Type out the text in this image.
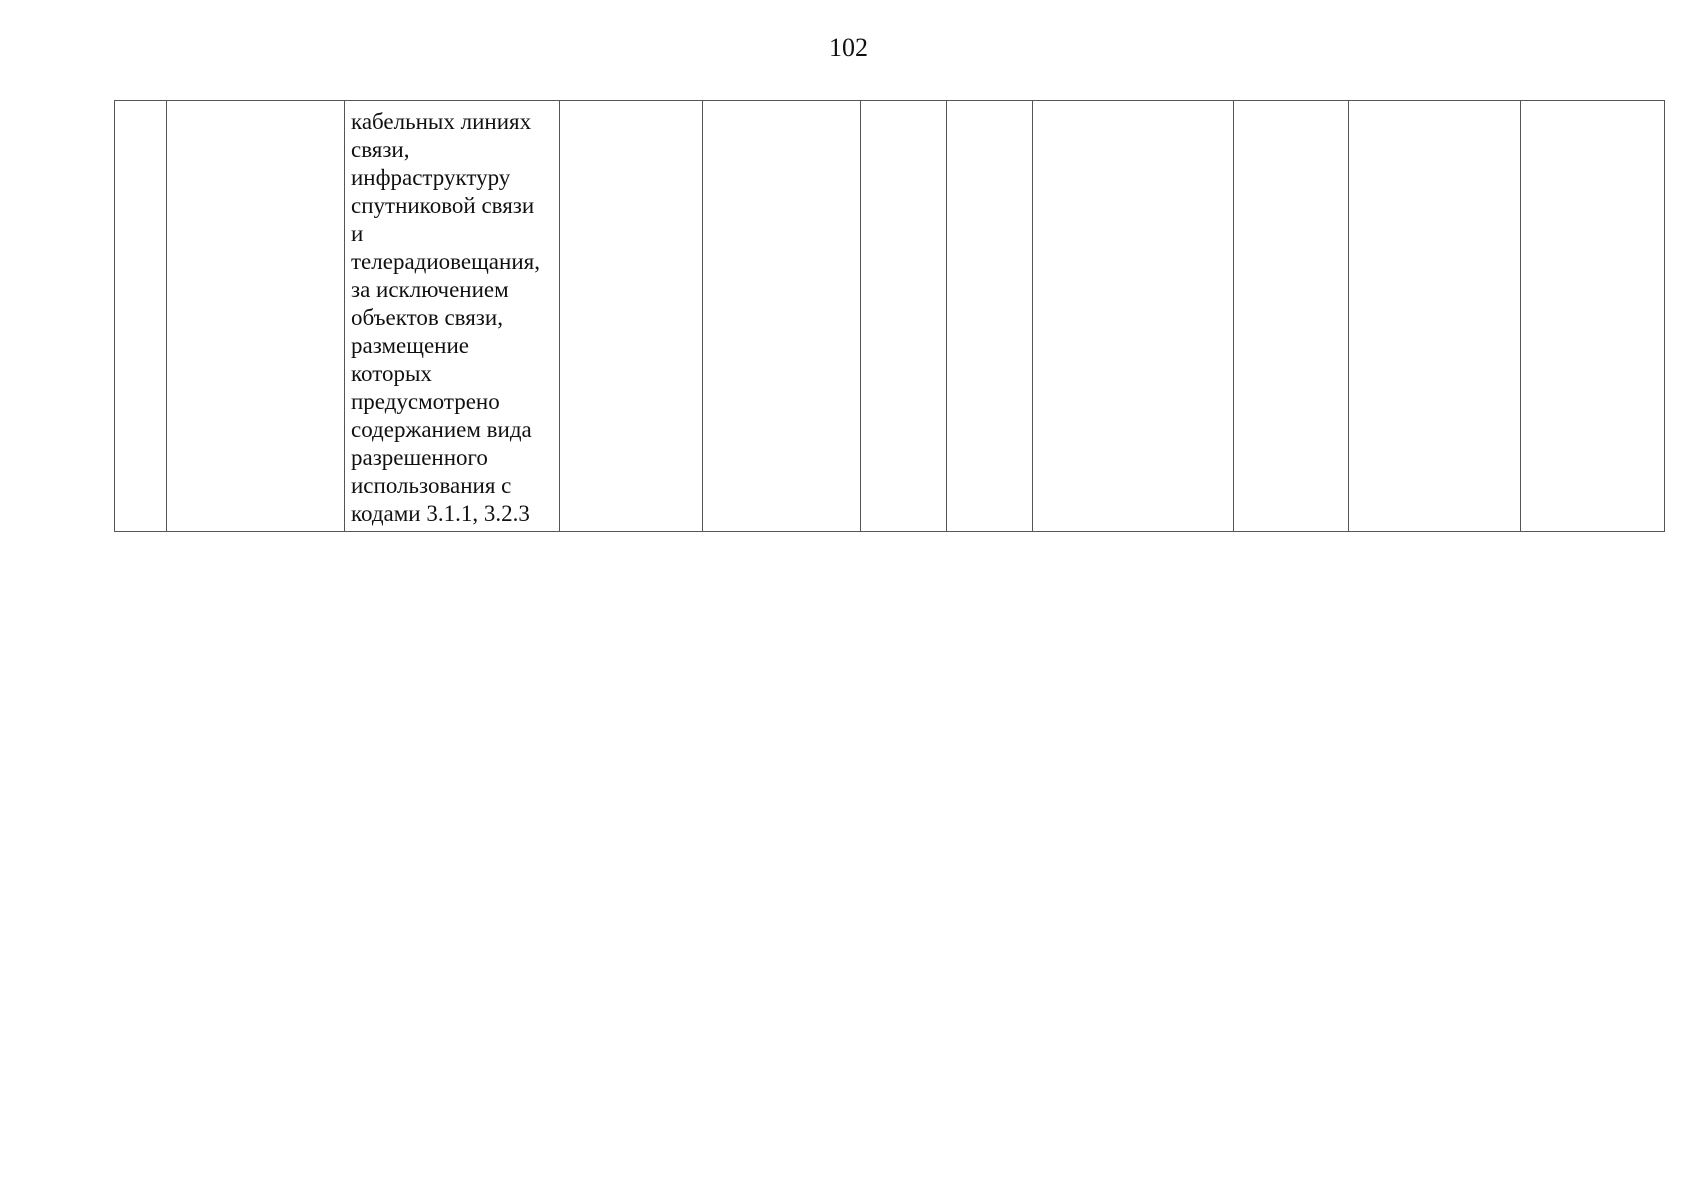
102
		кабельных линиях
связи,
инфраструктуру
спутниковой связи
и
телерадиовещания,
за исключением
объектов связи,
размещение
которых
предусмотрено
содержанием вида
разрешенного
использования с
кодами 3.1.1, 3.2.3								
